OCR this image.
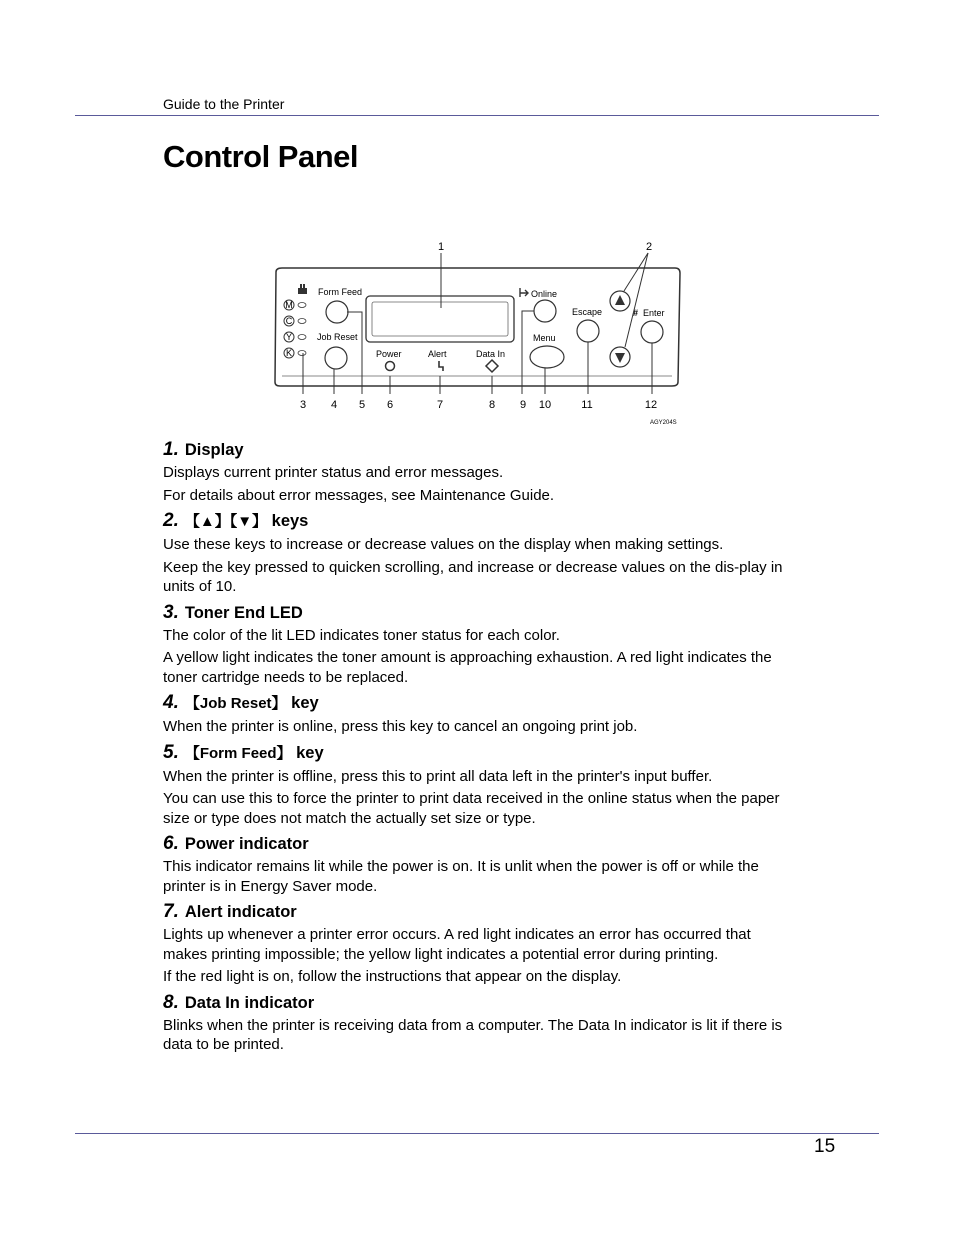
Guide to the Printer
Control Panel
M
C
Y
K
Form Feed
Job Reset
Power	Alert	Data In
Online
Menu
Escape	# Enter
1	2
3 4 5 6	7	8 9 10	11	12
AGY204S

1. Display

Displays current printer status and error messages.

For details about error messages, see Maintenance Guide.

2. 【▲】【▼】 keys

Use these keys to increase or decrease values on the display when making settings.

Keep the key pressed to quicken scrolling, and increase or decrease values on the dis-play in units of 10.

3. Toner End LED

The color of the lit LED indicates toner status for each color.

A yellow light indicates the toner amount is approaching exhaustion. A red light indicates the toner cartridge needs to be replaced.

4. 【Job Reset】 key

When the printer is online, press this key to cancel an ongoing print job.

5. 【Form Feed】 key

When the printer is offline, press this to print all data left in the printer's input buffer.

You can use this to force the printer to print data received in the online status when the paper size or type does not match the actually set size or type.

6. Power indicator

This indicator remains lit while the power is on. It is unlit when the power is off or while the printer is in Energy Saver mode.

7. Alert indicator

Lights up whenever a printer error occurs. A red light indicates an error has occurred that makes printing impossible; the yellow light indicates a potential error during printing.

If the red light is on, follow the instructions that appear on the display.

8. Data In indicator

Blinks when the printer is receiving data from a computer. The Data In indicator is lit if there is data to be printed.

15
